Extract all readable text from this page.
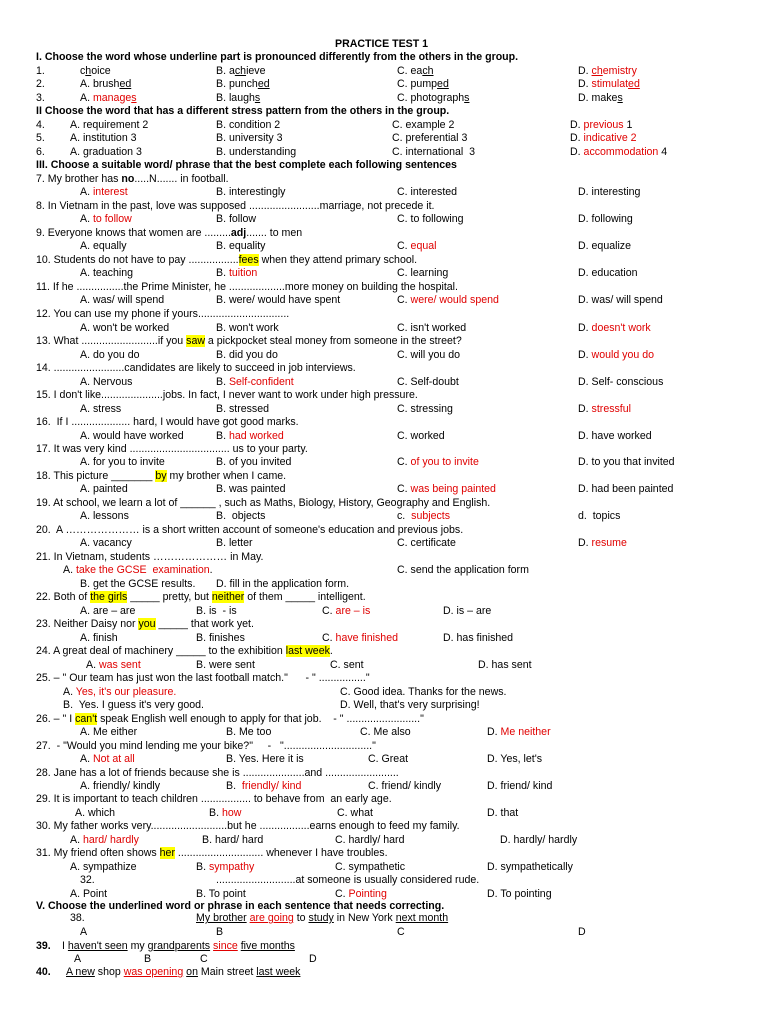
PRACTICE TEST 1
I. Choose the word whose underline part is pronounced differently from the others in the group.
1.	choice	B. achieve	C. each	D. chemistry
2.	A. brushed	B. punched	C. pumped	D. stimulated
3.	A. manages	B. laughs	C. photographs	D. makes
II Choose the word that has a different stress pattern from the others in the group.
4. A. requirement 2	B. condition 2	C. example 2	D. previous 1
5. A. institution 3	B. university 3	C. preferential 3	D. indicative 2
6. A. graduation 3	B. understanding	C. international  3	D. accommodation 4
III. Choose a suitable word/ phrase that the best complete each following sentences
7. My brother has no.....N....... in football.
A. interest	B. interestingly	C. interested	D. interesting
8. In Vietnam in the past, love was supposed ........................marriage, not precede it.
A. to follow	B. follow	C. to following	D. following
9. Everyone knows that women are .........adj....... to men
A. equally	B. equality	C. equal	D. equalize
10. Students do not have to pay .................fees when they attend primary school.
A. teaching	B. tuition	C. learning	D. education
11. If he ................the Prime Minister, he ...................more money on building the hospital.
A. was/ will spend	B. were/ would have spent	C. were/ would spend	D. was/ will spend
12. You can use my phone if yours...............................
A. won't be worked	B. won't work	C. isn't worked	D. doesn't work
13. What ..........................if you saw a pickpocket steal money from someone in the street?
A. do you do	B. did you do	C. will you do	D. would you do
14. ........................candidates are likely to succeed in job interviews.
A. Nervous	B. Self-confident	C. Self-doubt	D. Self- conscious
15. I don't like.....................jobs. In fact, I never want to work under high pressure.
A. stress	B. stressed	C. stressing	D. stressful
16.  If I .................... hard, I would have got good marks.
A. would have worked	B. had worked	C. worked	D. have worked
17. It was very kind .................................. us to your party.
A. for you to invite	B. of you invited	C. of you to invite	D. to you that invited
18. This picture _______ by my brother when I came.
A. painted	B. was painted	C. was being painted	D. had been painted
19. At school, we learn a lot of ______ , such as Maths, Biology, History, Geography and English.
A. lessons	B.  objects	c.  subjects	d.  topics
20.  A ………………… is a short written account of someone's education and previous jobs.
A. vacancy	B. letter	C. certificate	D. resume
21. In Vietnam, students ………………… in May.
A. take the GCSE  examination.	C. send the application form
B. get the GCSE results. D. fill in the application form.
22. Both of the girls _____ pretty, but neither of them _____ intelligent.
A. are – are	B. is  - is	C. are – is	D. is – are
23. Neither Daisy nor you _____ that work yet.
A. finish	B. finishes	C. have finished	D. has finished
24. A great deal of machinery _____ to the exhibition last week.
A. was sent	B. were sent	C. sent	D. has sent
25. – " Our team has just won the last football match."      - " ................"
A. Yes, it's our pleasure.	C. Good idea. Thanks for the news.
B.  Yes. I guess it's very good.	D. Well, that's very surprising!
26. – " I can't speak English well enough to apply for that job.    - " ........................."
A. Me either	B. Me too	C. Me also	D. Me neither
27.  - "Would you mind lending me your bike?"     -   ".............................."
A. Not at all	B. Yes. Here it is	C. Great	D. Yes, let's
28. Jane has a lot of friends because she is .....................and .........................
A. friendly/ kindly	B.  friendly/ kind	C. friend/ kindly	D. friend/ kind
29. It is important to teach children ................. to behave from  an early age.
A. which	B. how	C. what	D. that
30. My father works very..........................but he .................earns enough to feed my family.
A. hard/ hardly	B. hard/ hard	C. hardly/ hard	D. hardly/ hardly
31. My friend often shows her ............................. whenever I have troubles.
A. sympathize	B. sympathy	C. sympathetic	D. sympathetically
32.	...........................at someone is usually considered rude.
A. Point	B. To point	C. Pointing	D. To pointing
V. Choose the underlined word or phrase in each sentence that needs correcting.
38.	My brother are going to study in New York next month
A	B	C	D
39. I haven't seen my grandparents since five months
A	B	C	D
40. A new shop was opening on Main street last week
